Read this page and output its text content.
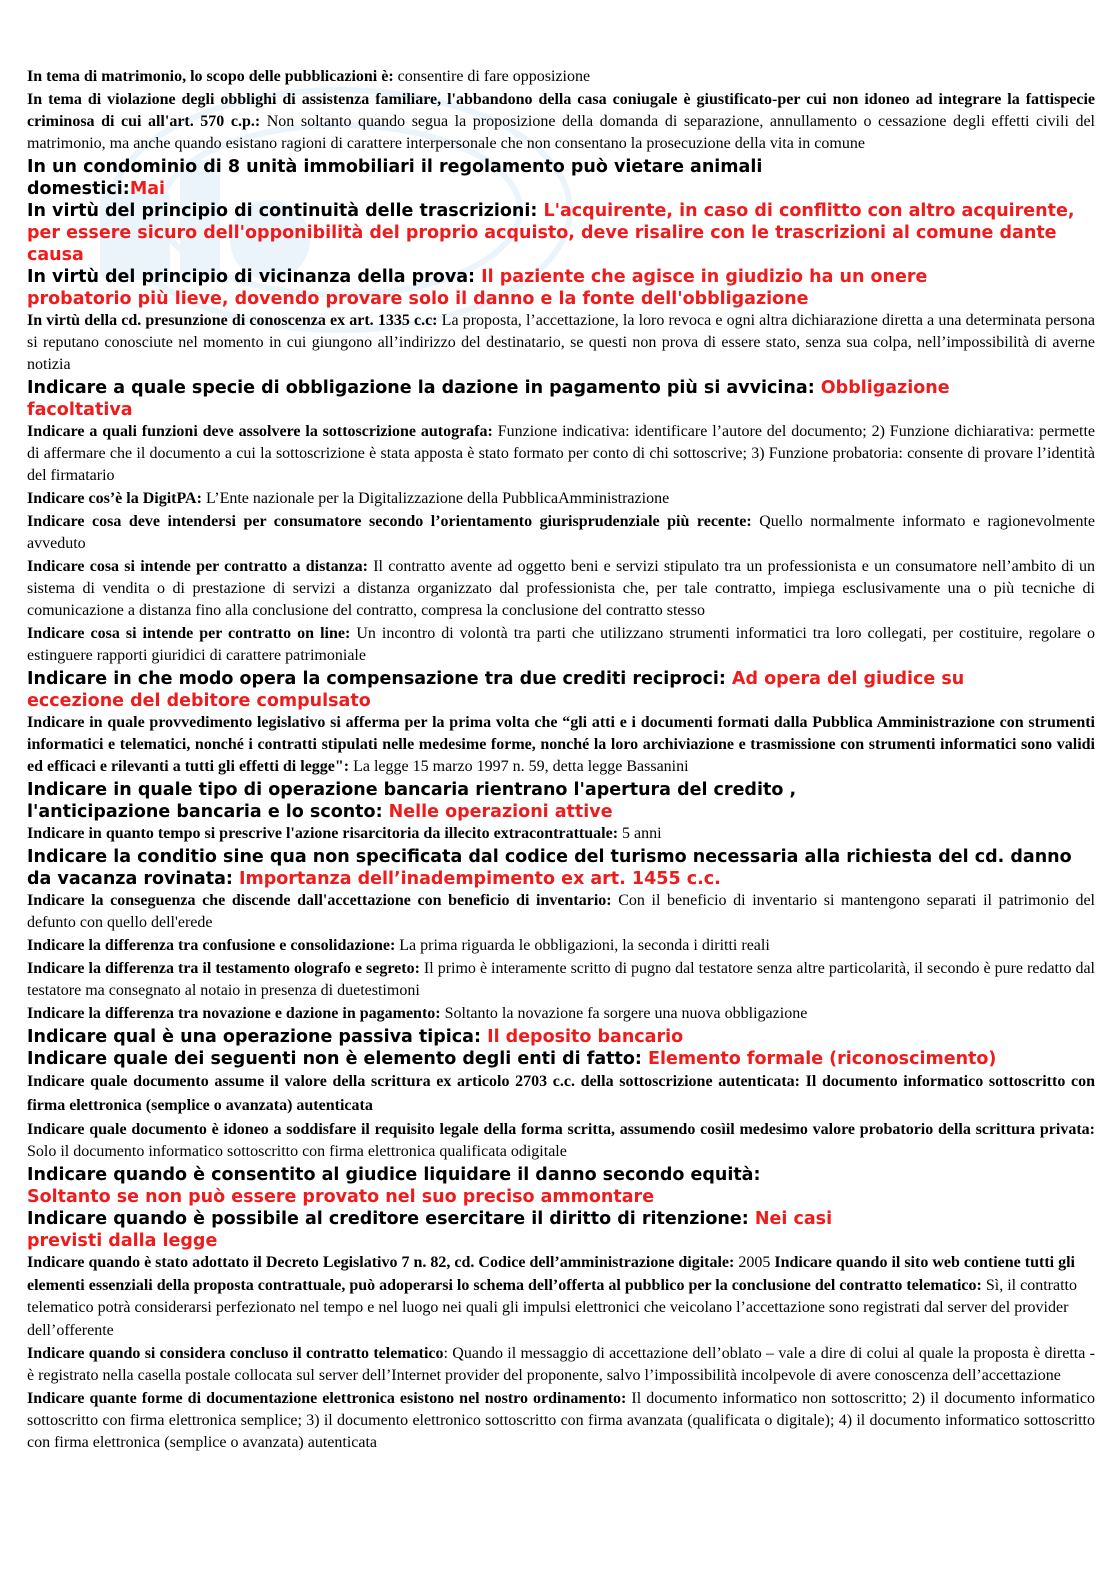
In tema di matrimonio, lo scopo delle pubblicazioni è: consentire di fare opposizione

In tema di violazione degli obblighi di assistenza familiare, l'abbandono della casa coniugale è giustificato-per cui non idoneo ad integrare la fattispecie criminosa di cui all'art. 570 c.p.: Non soltanto quando segua la proposizione della domanda di separazione, annullamento o cessazione degli effetti civili del matrimonio, ma anche quando esistano ragioni di carattere interpersonale che non consentano la prosecuzione della vita in comune

In un condominio di 8 unità immobiliari il regolamento può vietare animali domestici:Mai

In virtù del principio di continuità delle trascrizioni: L'acquirente, in caso di conflitto con altro acquirente, per essere sicuro dell'opponibilità del proprio acquisto, deve risalire con le trascrizioni al comune dante causa

In virtù del principio di vicinanza della prova: Il paziente che agisce in giudizio ha un onere probatorio più lieve, dovendo provare solo il danno e la fonte dell'obbligazione

In virtù della cd. presunzione di conoscenza ex art. 1335 c.c: La proposta, l’accettazione, la loro revoca e ogni altra dichiarazione diretta a una determinata persona si reputano conosciute nel momento in cui giungono all’indirizzo del destinatario, se questi non prova di essere stato, senza sua colpa, nell’impossibilità di averne notizia

Indicare a quale specie di obbligazione la dazione in pagamento più si avvicina: Obbligazione facoltativa

Indicare a quali funzioni deve assolvere la sottoscrizione autografa: Funzione indicativa: identificare l’autore del documento; 2) Funzione dichiarativa: permette di affermare che il documento a cui la sottoscrizione è stata apposta è stato formato per conto di chi sottoscrive; 3) Funzione probatoria: consente di provare l’identità del firmatario

Indicare cos’è la DigitPA: L’Ente nazionale per la Digitalizzazione della PubblicaAmministrazione

Indicare cosa deve intendersi per consumatore secondo l’orientamento giurisprudenziale più recente: Quello normalmente informato e ragionevolmente avveduto

Indicare cosa si intende per contratto a distanza: Il contratto avente ad oggetto beni e servizi stipulato tra un professionista e un consumatore nell’ambito di un sistema di vendita o di prestazione di servizi a distanza organizzato dal professionista che, per tale contratto, impiega esclusivamente una o più tecniche di comunicazione a distanza fino alla conclusione del contratto, compresa la conclusione del contratto stesso

Indicare cosa si intende per contratto on line: Un incontro di volontà tra parti che utilizzano strumenti informatici tra loro collegati, per costituire, regolare o estinguere rapporti giuridici di carattere patrimoniale

Indicare in che modo opera la compensazione tra due crediti reciproci: Ad opera del giudice su eccezione del debitore compulsato

Indicare in quale provvedimento legislativo si afferma per la prima volta che “gli atti e i documenti formati dalla Pubblica Amministrazione con strumenti informatici e telematici, nonché i contratti stipulati nelle medesime forme, nonché la loro archiviazione e trasmissione con strumenti informatici sono validi ed efficaci e rilevanti a tutti gli effetti di legge": La legge 15 marzo 1997 n. 59, detta legge Bassanini

Indicare in quale tipo di operazione bancaria rientrano l'apertura del credito , l'anticipazione bancaria e lo sconto: Nelle operazioni attive

Indicare in quanto tempo si prescrive l'azione risarcitoria da illecito extracontrattuale: 5 anni

Indicare la conditio sine qua non specificata dal codice del turismo necessaria alla richiesta del cd. danno da vacanza rovinata: Importanza dell’inadempimento ex art. 1455 c.c.

Indicare la conseguenza che discende dall'accettazione con beneficio di inventario: Con il beneficio di inventario si mantengono separati il patrimonio del defunto con quello dell'erede

Indicare la differenza tra confusione e consolidazione: La prima riguarda le obbligazioni, la seconda i diritti reali

Indicare la differenza tra il testamento olografo e segreto: Il primo è interamente scritto di pugno dal testatore senza altre particolarità, il secondo è pure redatto dal testatore ma consegnato al notaio in presenza di duetestimoni

Indicare la differenza tra novazione e dazione in pagamento: Soltanto la novazione fa sorgere una nuova obbligazione

Indicare qual è una operazione passiva tipica: Il deposito bancario

Indicare quale dei seguenti non è elemento degli enti di fatto: Elemento formale (riconoscimento)

Indicare quale documento assume il valore della scrittura ex articolo 2703 c.c. della sottoscrizione autenticata: Il documento informatico sottoscritto con firma elettronica (semplice o avanzata) autenticata

Indicare quale documento è idoneo a soddisfare il requisito legale della forma scritta, assumendo cosìil medesimo valore probatorio della scrittura privata: Solo il documento informatico sottoscritto con firma elettronica qualificata odigitale

Indicare quando è consentito al giudice liquidare il danno secondo equità:
Soltanto se non può essere provato nel suo preciso ammontare

Indicare quando è possibile al creditore esercitare il diritto di ritenzione: Nei casi previsti dalla legge

Indicare quando è stato adottato il Decreto Legislativo 7 n. 82, cd. Codice dell’amministrazione digitale: 2005 Indicare quando il sito web contiene tutti gli elementi essenziali della proposta contrattuale, può adoperarsi lo schema dell’offerta al pubblico per la conclusione del contratto telematico: Sì, il contratto telematico potrà considerarsi perfezionato nel tempo e nel luogo nei quali gli impulsi elettronici che veicolano l’accettazione sono registrati dal server del provider dell’offerente

Indicare quando si considera concluso il contratto telematico: Quando il messaggio di accettazione dell’oblato – vale a dire di colui al quale la proposta è diretta - è registrato nella casella postale collocata sul server dell’Internet provider del proponente, salvo l’impossibilità incolpevole di avere conoscenza dell’accettazione

Indicare quante forme di documentazione elettronica esistono nel nostro ordinamento: Il documento informatico non sottoscritto; 2) il documento informatico sottoscritto con firma elettronica semplice; 3) il documento elettronico sottoscritto con firma avanzata (qualificata o digitale); 4) il documento informatico sottoscritto con firma elettronica (semplice o avanzata) autenticata
